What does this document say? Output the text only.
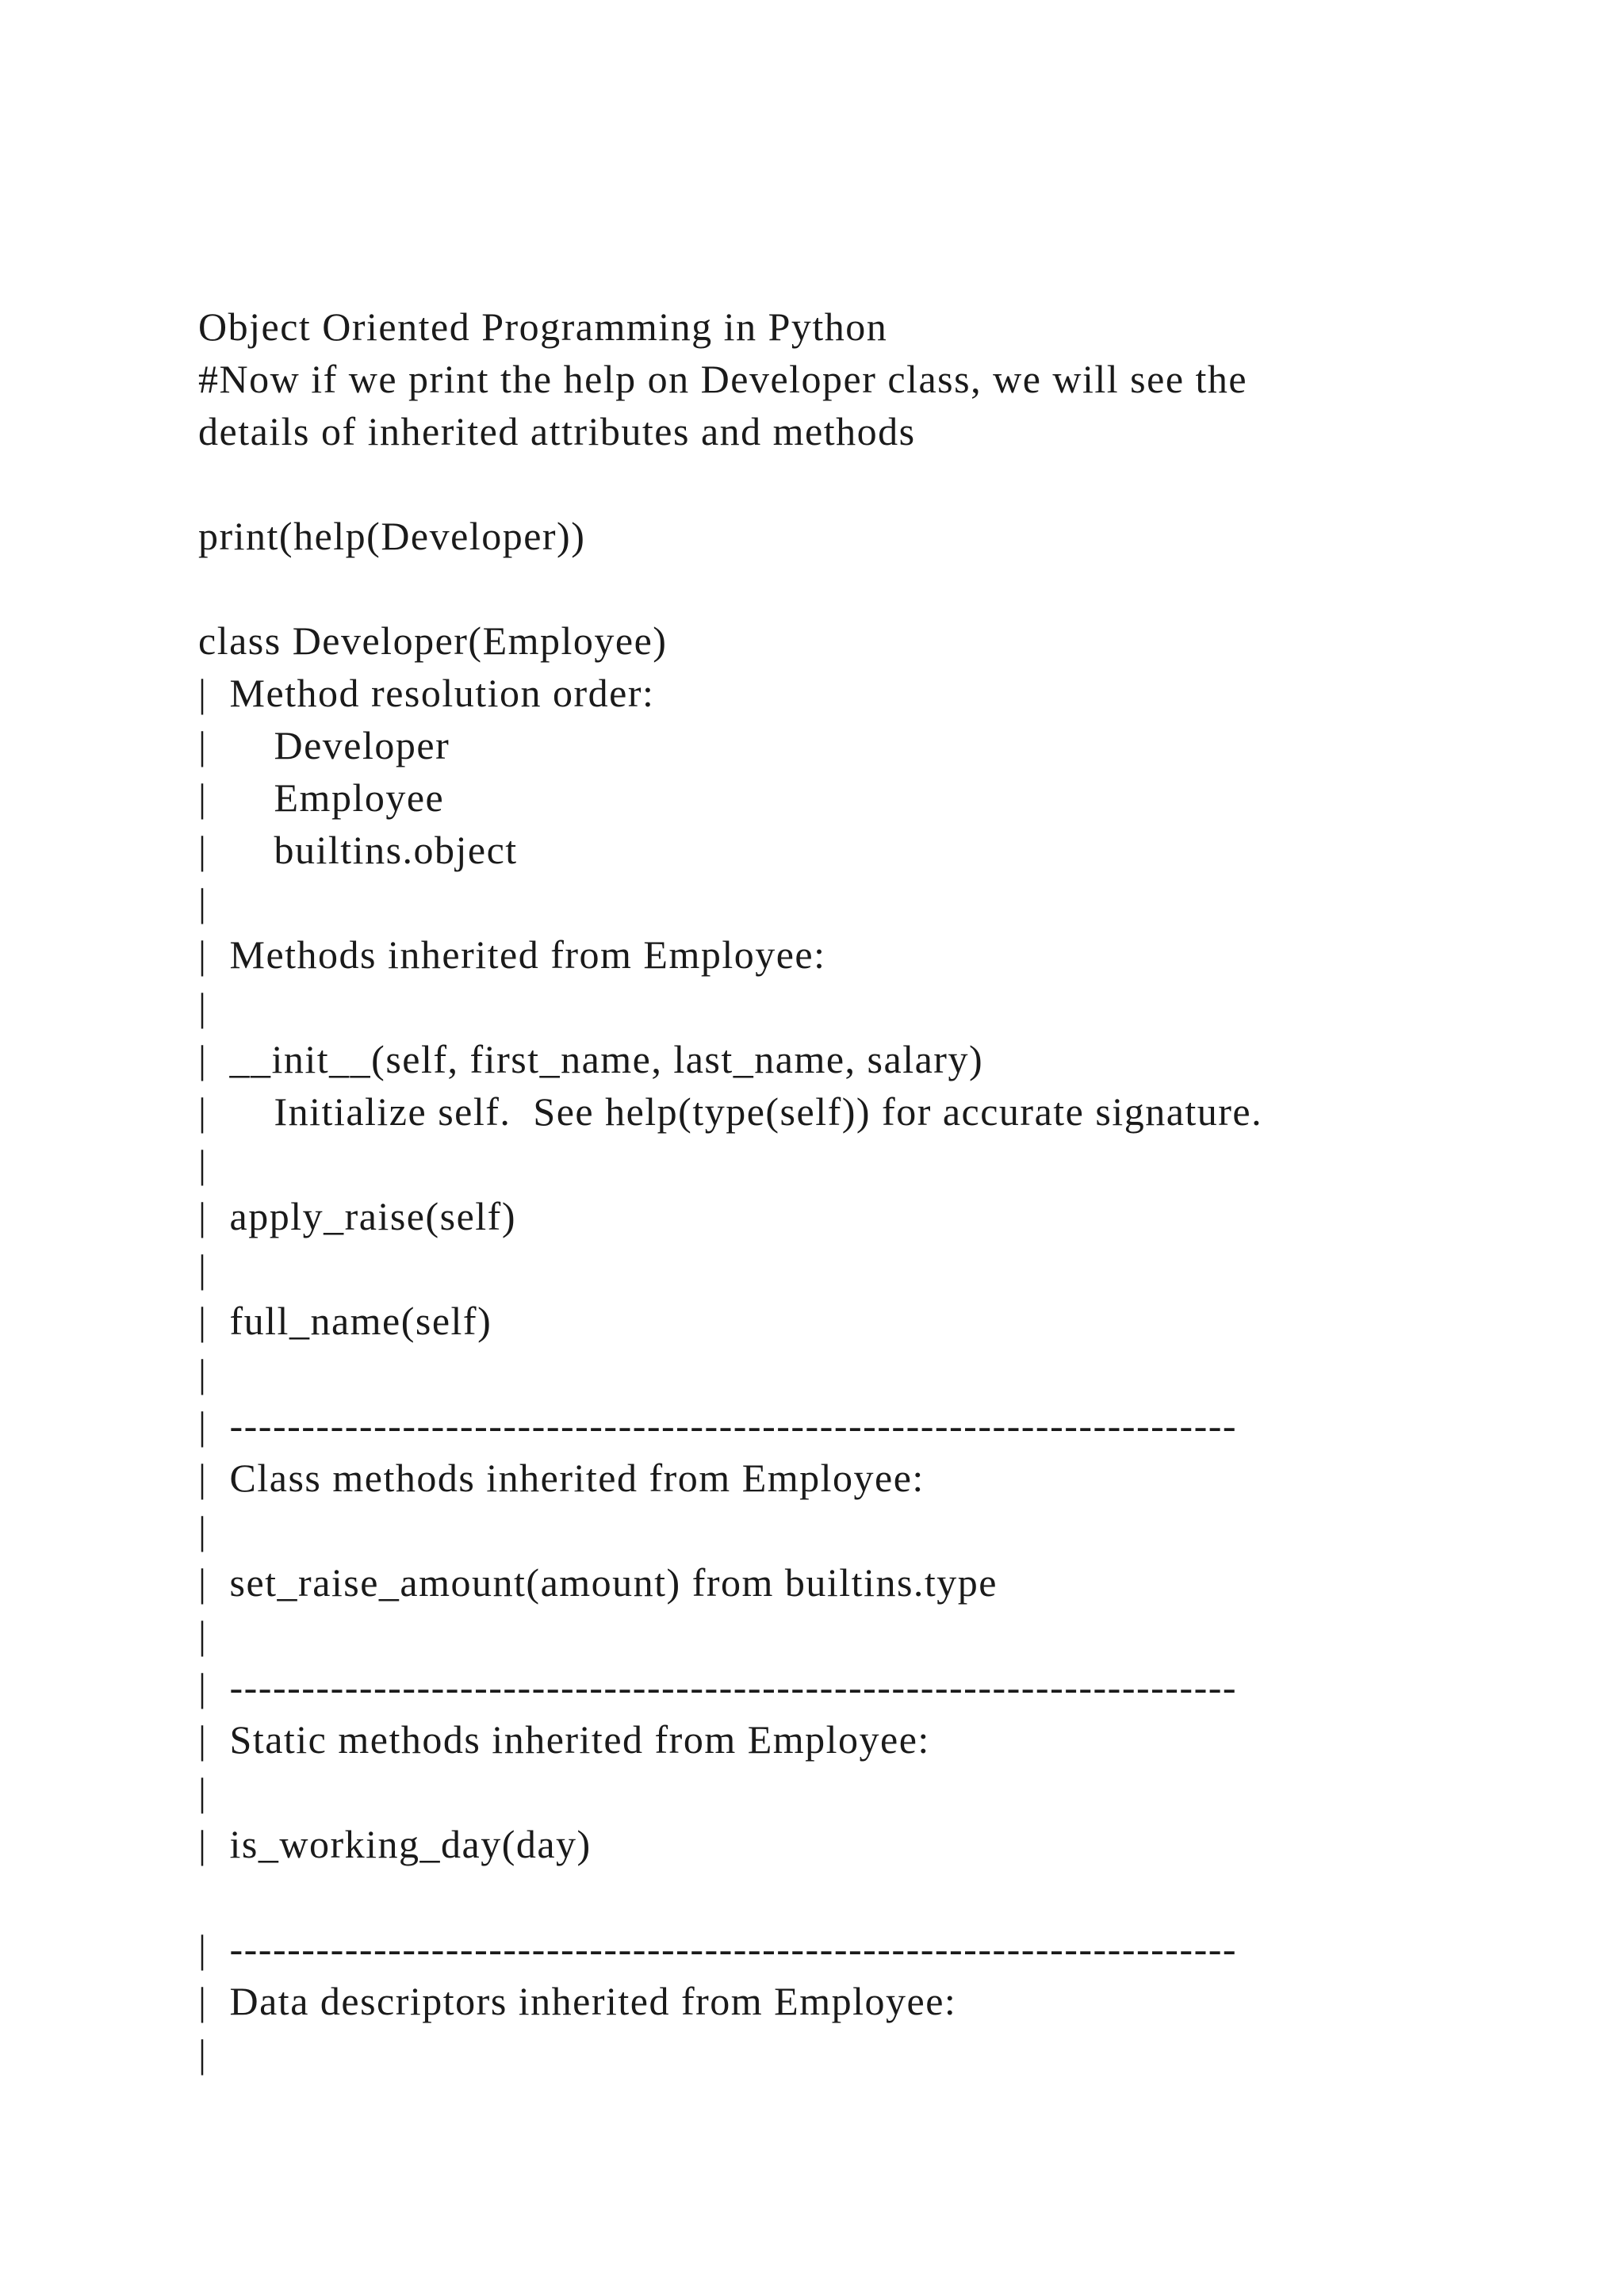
Object Oriented Programming in Python
#Now if we print the help on Developer class, we will see the
details of inherited attributes and methods
print(help(Developer))
class Developer(Employee)
|  Method resolution order:
|      Developer
|      Employee
|      builtins.object
|
|  Methods inherited from Employee:
|
|  __init__(self, first_name, last_name, salary)
|      Initialize self.  See help(type(self)) for accurate signature.
|
|  apply_raise(self)
|
|  full_name(self)
|
|  ----------------------------------------------------------------------
|  Class methods inherited from Employee:
|
|  set_raise_amount(amount) from builtins.type
|
|  ----------------------------------------------------------------------
|  Static methods inherited from Employee:
|
|  is_working_day(day)
|  ----------------------------------------------------------------------
|  Data descriptors inherited from Employee:
|
